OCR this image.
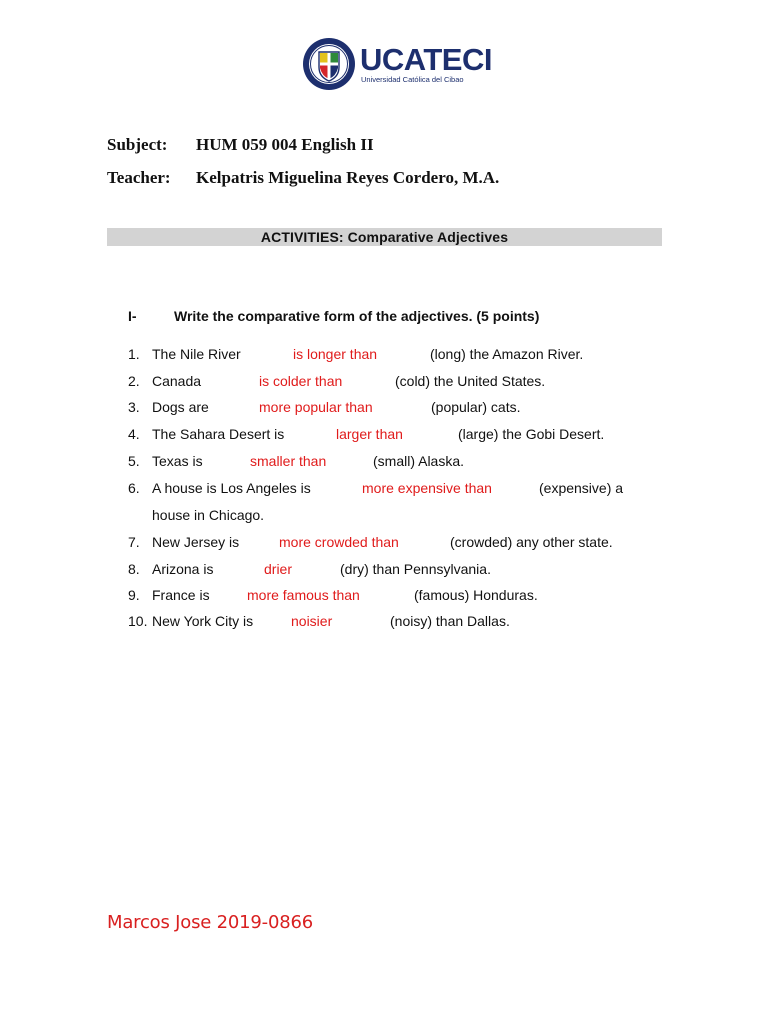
UCATECI
Universidad Católica del Cibao
Subject: HUM 059 004 English II
Teacher: Kelpatris Miguelina Reyes Cordero, M.A.
ACTIVITIES: Comparative Adjectives
I-	Write the comparative form of the adjectives. (5 points)
1. The Nile River	is longer than	(long) the Amazon River.
2. Canada	is colder than	(cold) the United States.
3. Dogs are	more popular than	(popular) cats.
4. The Sahara Desert is	larger than	(large) the Gobi Desert.
5. Texas is	smaller than	(small) Alaska.
6. A house is Los Angeles is	more expensive than	(expensive) a
house in Chicago.
7. New Jersey is	more crowded than	(crowded) any other state.
8. Arizona is	drier	(dry) than Pennsylvania.
9. France is	more famous than	(famous) Honduras.
10. New York City is	noisier	(noisy) than Dallas.
Marcos Jose 2019-0866
